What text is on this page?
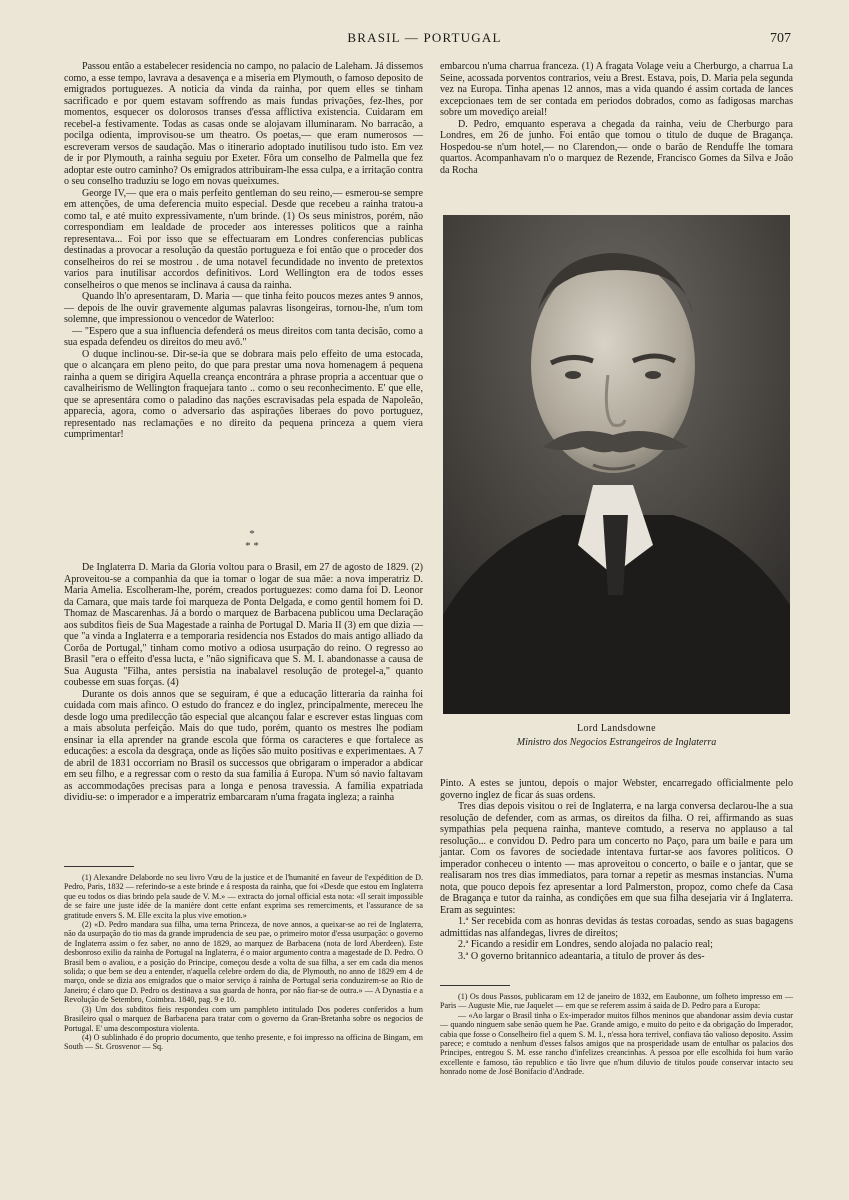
BRASIL — PORTUGAL	707

Passou então a estabelecer residencia no campo, no palacio de Laleham. Já dissemos como, a esse tempo, lavrava a desavença e a miseria em Plymouth, o famoso deposito de emigrados portuguezes. A noticia da vinda da rainha, por quem elles se tinham sacrificado e por quem estavam soffrendo as mais fundas privações, fez-lhes, por momentos, esquecer os dolorosos transes d'essa afflictiva existencia. Cuidaram em recebel-a festivamente. Todas as casas onde se alojavam illuminaram. No barracão, a pocilga odienta, improvisou-se um theatro. Os poetas,— que eram numerosos — escreveram versos de saudação. Mas o itinerario adoptado inutilisou tudo isto. Em vez de ir por Plymouth, a rainha seguiu por Exeter. Fôra um conselho de Palmella que fez adoptar este outro caminho? Os emigrados attribuiram-lhe essa culpa, e a irritação contra o seu conselho traduziu se logo em novas queixumes.

George IV,— que era o mais perfeito gentleman do seu reino,— esmerou-se sempre em attenções, de uma deferencia muito especial. Desde que recebeu a rainha tratou-a como tal, e até muito expressivamente, n'um brinde. (1) Os seus ministros, porém, não correspondiam em lealdade de proceder aos interesses politicos que a rainha representava... Foi por isso que se effectuaram em Londres conferencias publicas destinadas a provocar a resolução da questão portugueza e foi então que o proceder dos conselheiros do rei se mostrou . de uma notavel fecundidade no invento de pretextos varios para inutilisar accordos definitivos. Lord Wellington era de todos esses conselheiros o que menos se inclinava á causa da rainha.

Quando lh'o apresentaram, D. Maria — que tinha feito poucos mezes antes 9 annos,— depois de lhe ouvir gravemente algumas palavras lisongeiras, tornou-lhe, n'um tom solemne, que impressionou o vencedor de Waterloo:

— "Espero que a sua influencia defenderá os meus direitos com tanta decisão, como a sua espada defendeu os direitos do meu avô."

O duque inclinou-se. Dir-se-ia que se dobrara mais pelo effeito de uma estocada, que o alcançara em pleno peito, do que para prestar uma nova homenagem á pequena rainha a quem se dirigira Aquella creança encontrára a phrase propria a accentuar que o cavalheirismo de Wellington fraquejara tanto .. como o seu reconhecimento. E' que elle, que se apresentára como o paladino das nações escravisadas pela espada de Napoleão, apparecia, agora, como o adversario das aspirações liberaes do povo portuguez, representado nas reclamações e no direito da pequena princeza a quem viera cumprimentar!

*
* *

De Inglaterra D. Maria da Gloria voltou para o Brasil, em 27 de agosto de 1829. (2) Aproveitou-se a companhia da que ia tomar o logar de sua mãe: a nova imperatriz D. Maria Amelia. Escolheram-lhe, porém, creados portuguezes: como dama foi D. Leonor da Camara, que mais tarde foi marqueza de Ponta Delgada, e como gentil homem foi D. Thomaz de Mascarenhas. Já a bordo o marquez de Barbacena publicou uma Declaração aos subditos fieis de Sua Magestade a rainha de Portugal D. Maria II (3) em que dizia — que "a vinda a Inglaterra e a temporaria residencia nos Estados do mais antigo alliado da Corôa de Portugal," tinham como motivo a odiosa usurpação do reino. O regresso ao Brasil "era o effeito d'essa lucta, e "não significava que S. M. I. abandonasse a causa de Sua Augusta "Filha, antes persistia na inabalavel resolução de protegel-a," quanto coubesse em suas forças. (4)

Durante os dois annos que se seguiram, é que a educação litteraria da rainha foi cuidada com mais afinco. O estudo do francez e do inglez, principalmente, mereceu lhe desde logo uma predilecção tão especial que alcançou falar e escrever estas linguas com a mais absoluta perfeição. Mais do que tudo, porém, quanto os mestres lhe podiam ensinar ia ella aprender na grande escola que fórma os caracteres e que fortalece as educações: a escola da desgraça, onde as lições são muito positivas e experimentaes. A 7 de abril de 1831 occorriam no Brasil os successos que obrigaram o imperador a abdicar em seu filho, e a regressar com o resto da sua familia á Europa. N'um só navio faltavam as accommodações precisas para a longa e penosa travessia. A familia expatriada dividiu-se: o imperador e a imperatriz embarcaram n'uma fragata ingleza; a rainha

(1) Alexandre Delaborde no seu livro Vœu de la justice et de l'humanité en faveur de l'expédition de D. Pedro, Paris, 1832 — referindo-se a este brinde e á resposta da rainha, que foi «Desde que estou em Inglaterra que eu todos os dias brindo pela saude de V. M.» — extracta do jornal official esta nota: «Il serait impossible de se faire une juste idée de la manière dont cette enfant exprima ses remerciments, et l'assurance de sa gratitude envers S. M. Elle excita la plus vive emotion.»

(2) «D. Pedro mandara sua filha, uma terna Princeza, de nove annos, a queixar-se ao rei de Inglaterra, não da usurpação do tio mas da grande imprudencia de seu pae, o primeiro motor d'essa usurpação: o governo de Inglaterra assim o fez saber, no anno de 1829, ao marquez de Barbacena (nota de lord Aberdeen). Este desbonroso exilio da rainha de Portugal na Inglaterra, é o maior argumento contra a magestade de D. Pedro. O Brasil bem o avaliou, e a posição do Principe, começou desde a volta de sua filha, a ser em cada dia menos solida; o que bem se deu a entender, n'aquella celebre ordem do dia, de Plymouth, no anno de 1829 em 4 de março, onde se dizia aos emigrados que o maior serviço á rainha de Portugal seria conduzirem-se ao Rio de Janeiro; é claro que D. Pedro os destinava a sua guarda de honra, por não fiar-se de outra.» — A Dynastia e a Revolução de Setembro, Coimbra. 1840, pag. 9 e 10.

(3) Um dos subditos fieis respondeu com um pamphleto intitulado Dos poderes conferidos a hum Brasileiro qual o marquez de Barbacena para tratar com o governo da Gran-Bretanha sobre os negocios de Portugal. E' uma descompostura violenta.

(4) O sublinhado é do proprio documento, que tenho presente, e foi impresso na officina de Bingam, em South — St. Grosvenor — Sq.

embarcou n'uma charrua franceza. (1) A fragata Volage veiu a Cherburgo, a charrua La Seine, acossada porventos contrarios, veiu a Brest. Estava, pois, D. Maria pela segunda vez na Europa. Tinha apenas 12 annos, mas a vida quando é assim cortada de lances excepcionaes tem de ser contada em periodos dobrados, como as fadigosas marchas sobre um movediço areial!

D. Pedro, emquanto esperava a chegada da rainha, veiu de Cherburgo para Londres, em 26 de junho. Foi então que tomou o titulo de duque de Bragança. Hospedou-se n'um hotel,— no Clarendon,— onde o barão de Renduffe lhe tomara quartos. Acompanhavam n'o o marquez de Rezende, Francisco Gomes da Silva e João da Rocha

Lord Landsdowne
Ministro dos Negocios Estrangeiros de Inglaterra

Pinto. A estes se juntou, depois o major Webster, encarregado officialmente pelo governo inglez de ficar ás suas ordens.

Tres dias depois visitou o rei de Inglaterra, e na larga conversa declarou-lhe a sua resolução de defender, com as armas, os direitos da filha. O rei, affirmando as suas sympathias pela pequena rainha, manteve comtudo, a reserva no applauso a tal resolução... e convidou D. Pedro para um concerto no Paço, para um baile e para um jantar. Com os favores de sociedade intentava furtar-se aos favores politicos. O imperador conheceu o intento — mas aproveitou o concerto, o baile e o jantar, que se realisaram nos tres dias immediatos, para tornar a repetir as mesmas instancias. N'uma nota, que pouco depois fez apresentar a lord Palmerston, propoz, como chefe da Casa de Bragança e tutor da rainha, as condições em que sua filha desejaria vir á Inglaterra. Eram as seguintes:

1.ª Ser recebida com as honras devidas ás testas coroadas, sendo as suas bagagens admittidas nas alfandegas, livres de direitos;

2.ª Ficando a residir em Londres, sendo alojada no palacio real;

3.ª O governo britannico adeantaria, a titulo de prover ás des-

(1) Os dous Passos, publicaram em 12 de janeiro de 1832, em Eaubonne, um folheto impresso em — Paris — Auguste Mie, rue Jaquelet — em que se referem assim á saida de D. Pedro para a Europa:

— «Ao largar o Brasil tinha o Ex-imperador muitos filhos meninos que abandonar assim devia custar — quando ninguem sabe senão quem he Pae. Grande amigo, e muito do peito e da obrigação do Imperador, cabia que fosse o Conselheiro fiel a quem S. M. I., n'essa hora terrivel, confiava tão valioso deposito. Assim parece; e comtudo a nenhum d'esses falsos amigos que na prosperidade usam de entulhar os palacios dos Principes, entregou S. M. esse rancho d'infelizes creancinhas. A pessoa por elle escolhida foi hum varão excellente e famoso, tão republico e tão livre que n'hum diluvio de titulos poude conservar intacto seu honrado nome de José Bonifacio d'Andrade.
